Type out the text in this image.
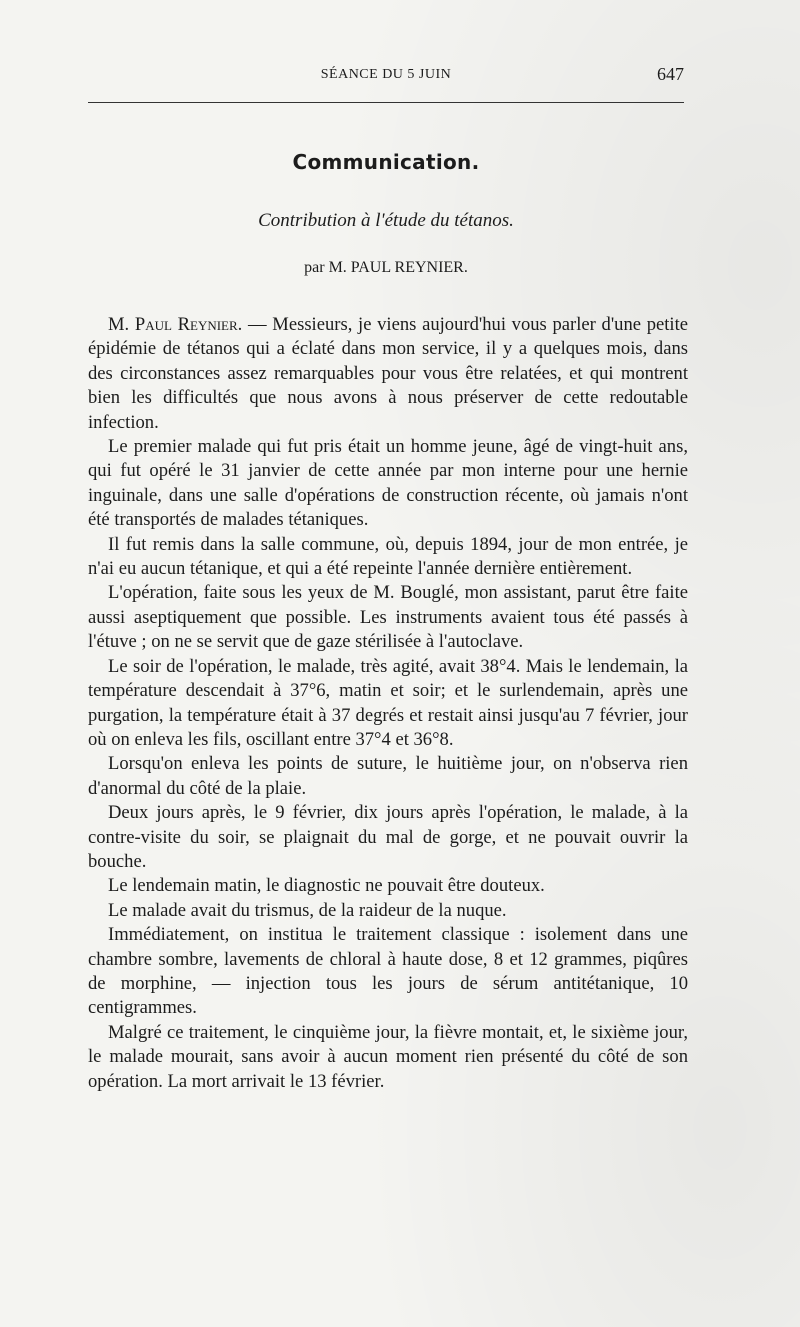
SÉANCE DU 5 JUIN	647
Communication.
Contribution à l'étude du tétanos.
par M. PAUL REYNIER.

M. Paul Reynier. — Messieurs, je viens aujourd'hui vous parler d'une petite épidémie de tétanos qui a éclaté dans mon service, il y a quelques mois, dans des circonstances assez remarquables pour vous être relatées, et qui montrent bien les difficultés que nous avons à nous préserver de cette redoutable infection.

Le premier malade qui fut pris était un homme jeune, âgé de vingt-huit ans, qui fut opéré le 31 janvier de cette année par mon interne pour une hernie inguinale, dans une salle d'opérations de construction récente, où jamais n'ont été transportés de malades tétaniques.

Il fut remis dans la salle commune, où, depuis 1894, jour de mon entrée, je n'ai eu aucun tétanique, et qui a été repeinte l'année dernière entièrement.

L'opération, faite sous les yeux de M. Bouglé, mon assistant, parut être faite aussi aseptiquement que possible. Les instruments avaient tous été passés à l'étuve ; on ne se servit que de gaze stérilisée à l'autoclave.

Le soir de l'opération, le malade, très agité, avait 38°4. Mais le lendemain, la température descendait à 37°6, matin et soir; et le surlendemain, après une purgation, la température était à 37 degrés et restait ainsi jusqu'au 7 février, jour où on enleva les fils, oscillant entre 37°4 et 36°8.

Lorsqu'on enleva les points de suture, le huitième jour, on n'observa rien d'anormal du côté de la plaie.

Deux jours après, le 9 février, dix jours après l'opération, le malade, à la contre-visite du soir, se plaignait du mal de gorge, et ne pouvait ouvrir la bouche.

Le lendemain matin, le diagnostic ne pouvait être douteux.

Le malade avait du trismus, de la raideur de la nuque.

Immédiatement, on institua le traitement classique : isolement dans une chambre sombre, lavements de chloral à haute dose, 8 et 12 grammes, piqûres de morphine, — injection tous les jours de sérum antitétanique, 10 centigrammes.

Malgré ce traitement, le cinquième jour, la fièvre montait, et, le sixième jour, le malade mourait, sans avoir à aucun moment rien présenté du côté de son opération. La mort arrivait le 13 février.
